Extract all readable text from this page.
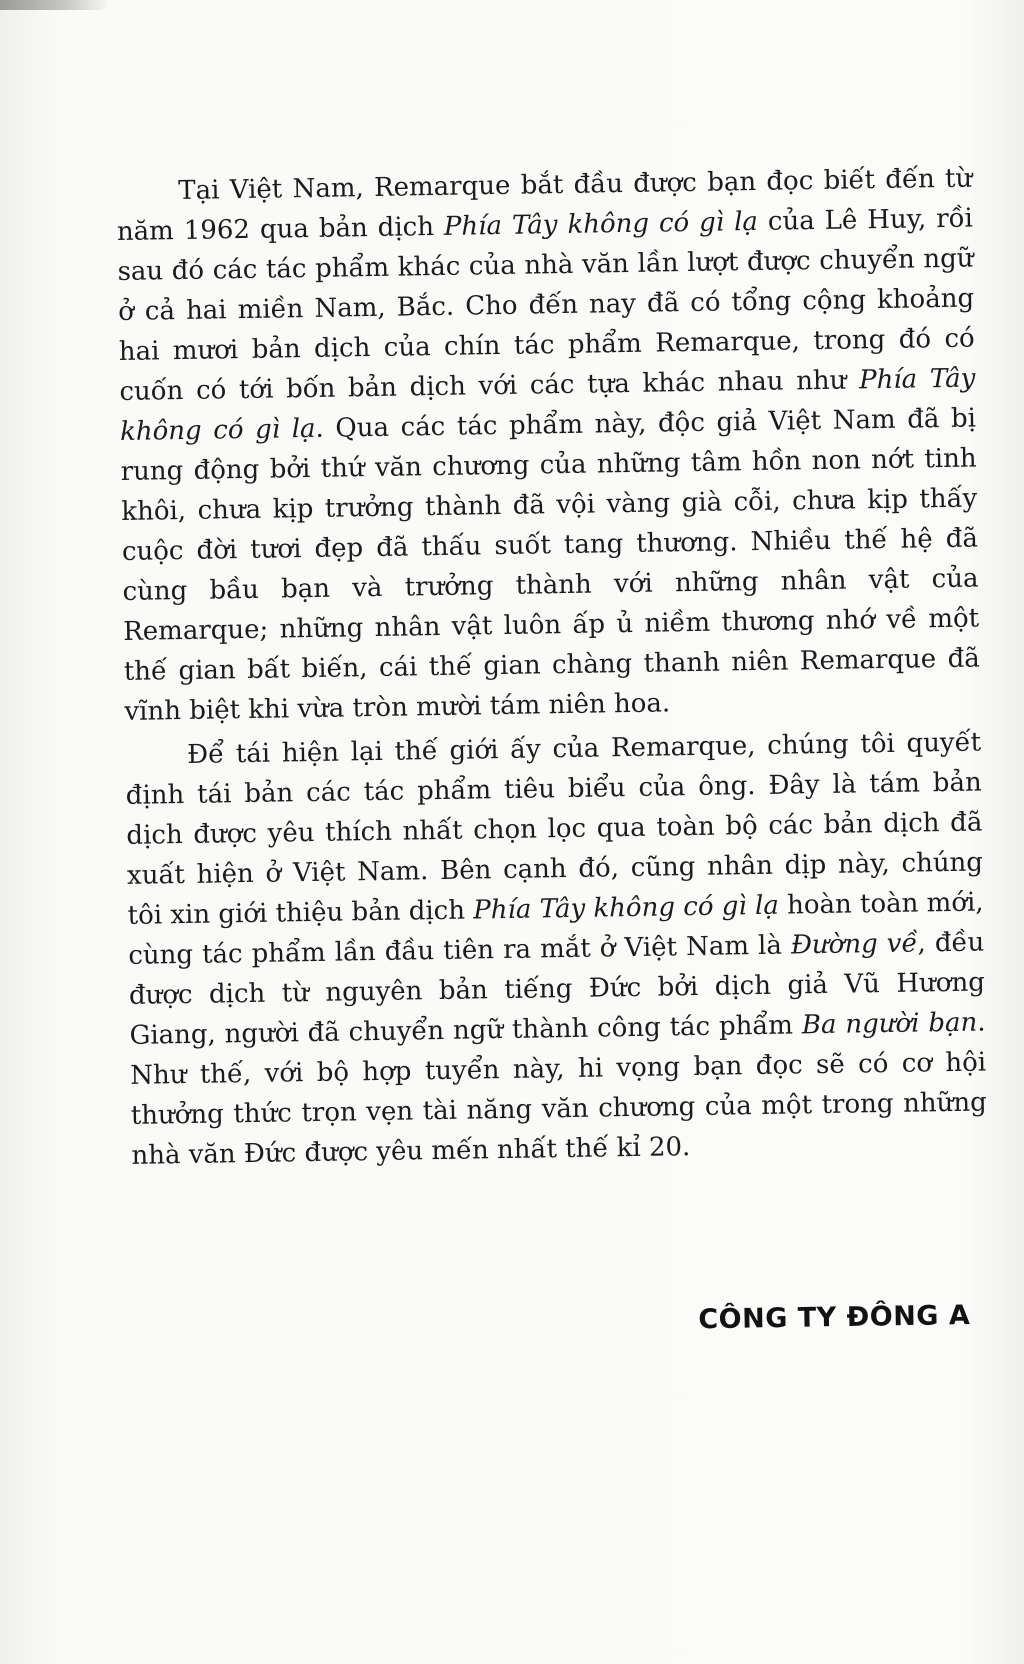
Tại Việt Nam, Remarque bắt đầu được bạn đọc biết đến từ năm 1962 qua bản dịch Phía Tây không có gì lạ của Lê Huy, rồi sau đó các tác phẩm khác của nhà văn lần lượt được chuyển ngữ ở cả hai miền Nam, Bắc. Cho đến nay đã có tổng cộng khoảng hai mươi bản dịch của chín tác phẩm Remarque, trong đó có cuốn có tới bốn bản dịch với các tựa khác nhau như Phía Tây không có gì lạ. Qua các tác phẩm này, độc giả Việt Nam đã bị rung động bởi thứ văn chương của những tâm hồn non nớt tinh khôi, chưa kịp trưởng thành đã vội vàng già cỗi, chưa kịp thấy cuộc đời tươi đẹp đã thấu suốt tang thương. Nhiều thế hệ đã cùng bầu bạn và trưởng thành với những nhân vật của Remarque; những nhân vật luôn ấp ủ niềm thương nhớ về một thế gian bất biến, cái thế gian chàng thanh niên Remarque đã vĩnh biệt khi vừa tròn mười tám niên hoa.

Để tái hiện lại thế giới ấy của Remarque, chúng tôi quyết định tái bản các tác phẩm tiêu biểu của ông. Đây là tám bản dịch được yêu thích nhất chọn lọc qua toàn bộ các bản dịch đã xuất hiện ở Việt Nam. Bên cạnh đó, cũng nhân dịp này, chúng tôi xin giới thiệu bản dịch Phía Tây không có gì lạ hoàn toàn mới, cùng tác phẩm lần đầu tiên ra mắt ở Việt Nam là Đường về, đều được dịch từ nguyên bản tiếng Đức bởi dịch giả Vũ Hương Giang, người đã chuyển ngữ thành công tác phẩm Ba người bạn. Như thế, với bộ hợp tuyển này, hi vọng bạn đọc sẽ có cơ hội thưởng thức trọn vẹn tài năng văn chương của một trong những nhà văn Đức được yêu mến nhất thế kỉ 20.

CÔNG TY ĐÔNG A
